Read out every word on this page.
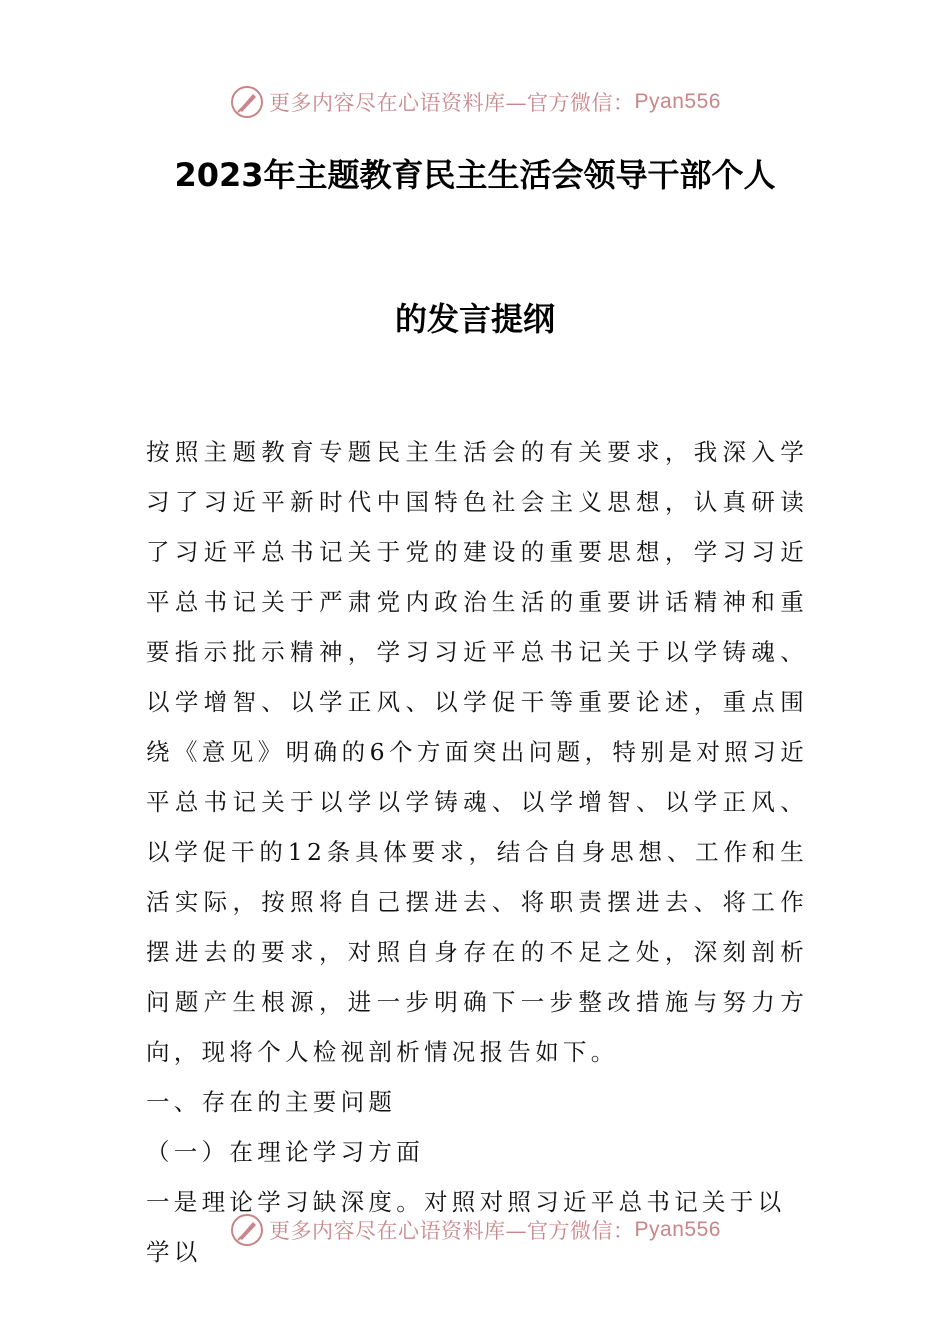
更多内容尽在心语资料库—官方微信： Pyan556
2023年主题教育民主生活会领导干部个人
的发言提纲

按照主题教育专题民主生活会的有关要求，我深入学习了习近平新时代中国特色社会主义思想，认真研读了习近平总书记关于党的建设的重要思想，学习习近平总书记关于严肃党内政治生活的重要讲话精神和重要指示批示精神，学习习近平总书记关于以学铸魂、以学增智、以学正风、以学促干等重要论述，重点围绕《意见》明确的6个方面突出问题，特别是对照习近平总书记关于以学以学铸魂、以学增智、以学正风、以学促干的12条具体要求，结合自身思想、工作和生活实际，按照将自己摆进去、将职责摆进去、将工作摆进去的要求，对照自身存在的不足之处，深刻剖析问题产生根源，进一步明确下一步整改措施与努力方向，现将个人检视剖析情况报告如下。

一、存在的主要问题

（一）在理论学习方面

一是理论学习缺深度。对照对照习近平总书记关于以学以

更多内容尽在心语资料库—官方微信： Pyan556
